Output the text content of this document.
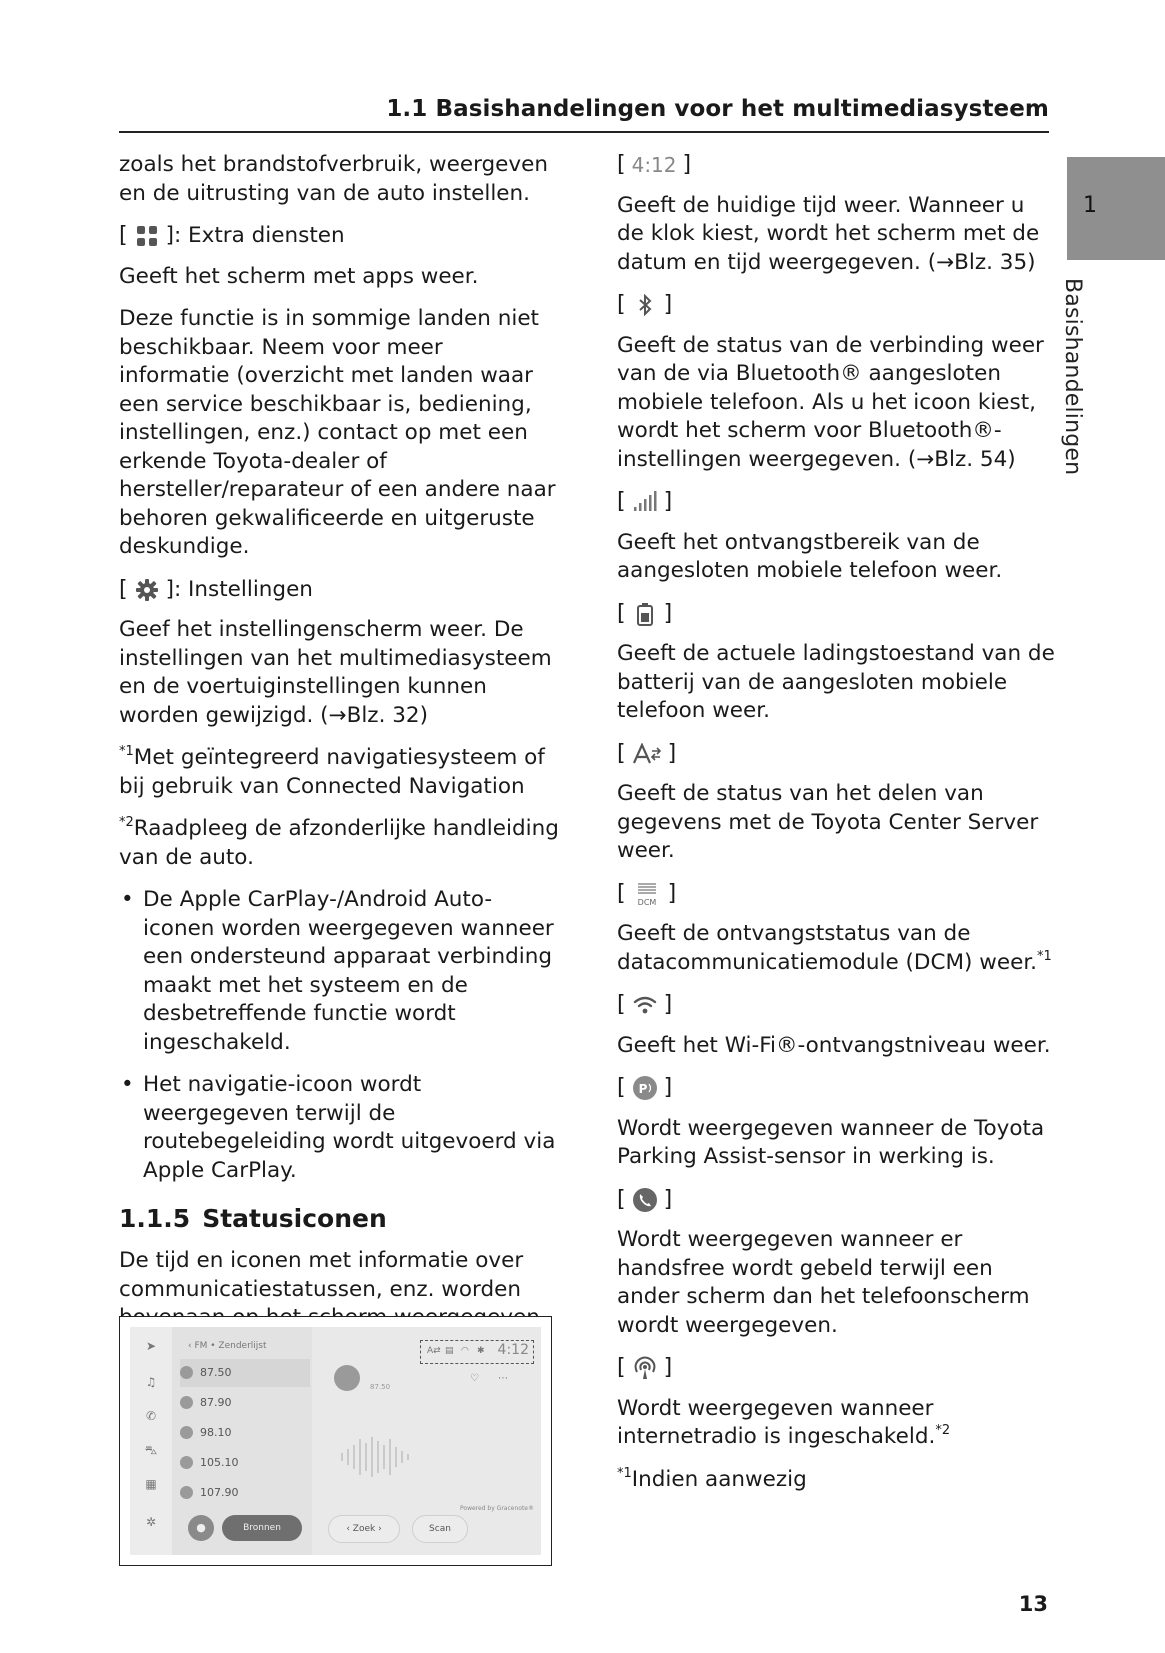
1.1 Basishandelingen voor het multimediasysteem
1
Basishandelingen

zoals het brandstofverbruik, weergeven en de uitrusting van de auto instellen.

[ ]: Extra diensten

Geeft het scherm met apps weer.

Deze functie is in sommige landen niet beschikbaar. Neem voor meer informatie (overzicht met landen waar een service beschikbaar is, bediening, instellingen, enz.) contact op met een erkende Toyota-dealer of hersteller/reparateur of een andere naar behoren gekwalificeerde en uitgeruste deskundige.

[ ]: Instellingen

Geef het instellingenscherm weer. De instellingen van het multimediasysteem en de voertuiginstellingen kunnen worden gewijzigd. (→Blz. 32)

$^{*1}$Met geïntegreerd navigatiesysteem of bij gebruik van Connected Navigation

$^{*2}$Raadpleeg de afzonderlijke handleiding van de auto.

• De Apple CarPlay-/Android Auto-iconen worden weergegeven wanneer een ondersteund apparaat verbinding maakt met het systeem en de desbetreffende functie wordt ingeschakeld.
• Het navigatie-icoon wordt weergegeven terwijl de routebegeleiding wordt uitgevoerd via Apple CarPlay.
1.1.5 Statusiconen

De tijd en iconen met informatie over communicatiestatussen, enz. worden

➤
♫
✆
⛍
▦
✲
‹ FM • Zenderlijst
87.50
87.90
98.10
105.10
107.90
87.50
♡ ⋯
A⇄ ▤ ◠ ✱ 4:12
●	Bronnen	‹ Zoek ›	Scan
Powered by Gracenote®
[ 4:12 ]

Geeft de huidige tijd weer. Wanneer u de klok kiest, wordt het scherm met de datum en tijd weergegeven. (→Blz. 35)

[ ]

Geeft de status van de verbinding weer van de via Bluetooth® aangesloten mobiele telefoon. Als u het icoon kiest, wordt het scherm voor Bluetooth®-instellingen weergegeven. (→Blz. 54)

[ ]

Geeft het ontvangstbereik van de aangesloten mobiele telefoon weer.

[ ]

Geeft de actuele ladingstoestand van de batterij van de aangesloten mobiele telefoon weer.

[ ]

Geeft de status van het delen van gegevens met de Toyota Center Server weer.

[ DCM ]

Geeft de ontvangststatus van de datacommunicatiemodule (DCM) weer.$^{*1}$

[ ]

Geeft het Wi-Fi®-ontvangstniveau weer.

[ P ]

Wordt weergegeven wanneer de Toyota Parking Assist-sensor in werking is.

[ ]

Wordt weergegeven wanneer er handsfree wordt gebeld terwijl een ander scherm dan het telefoonscherm wordt weergegeven.

[ ]

Wordt weergegeven wanneer internetradio is ingeschakeld.$^{*2}$

$^{*1}$Indien aanwezig

13
